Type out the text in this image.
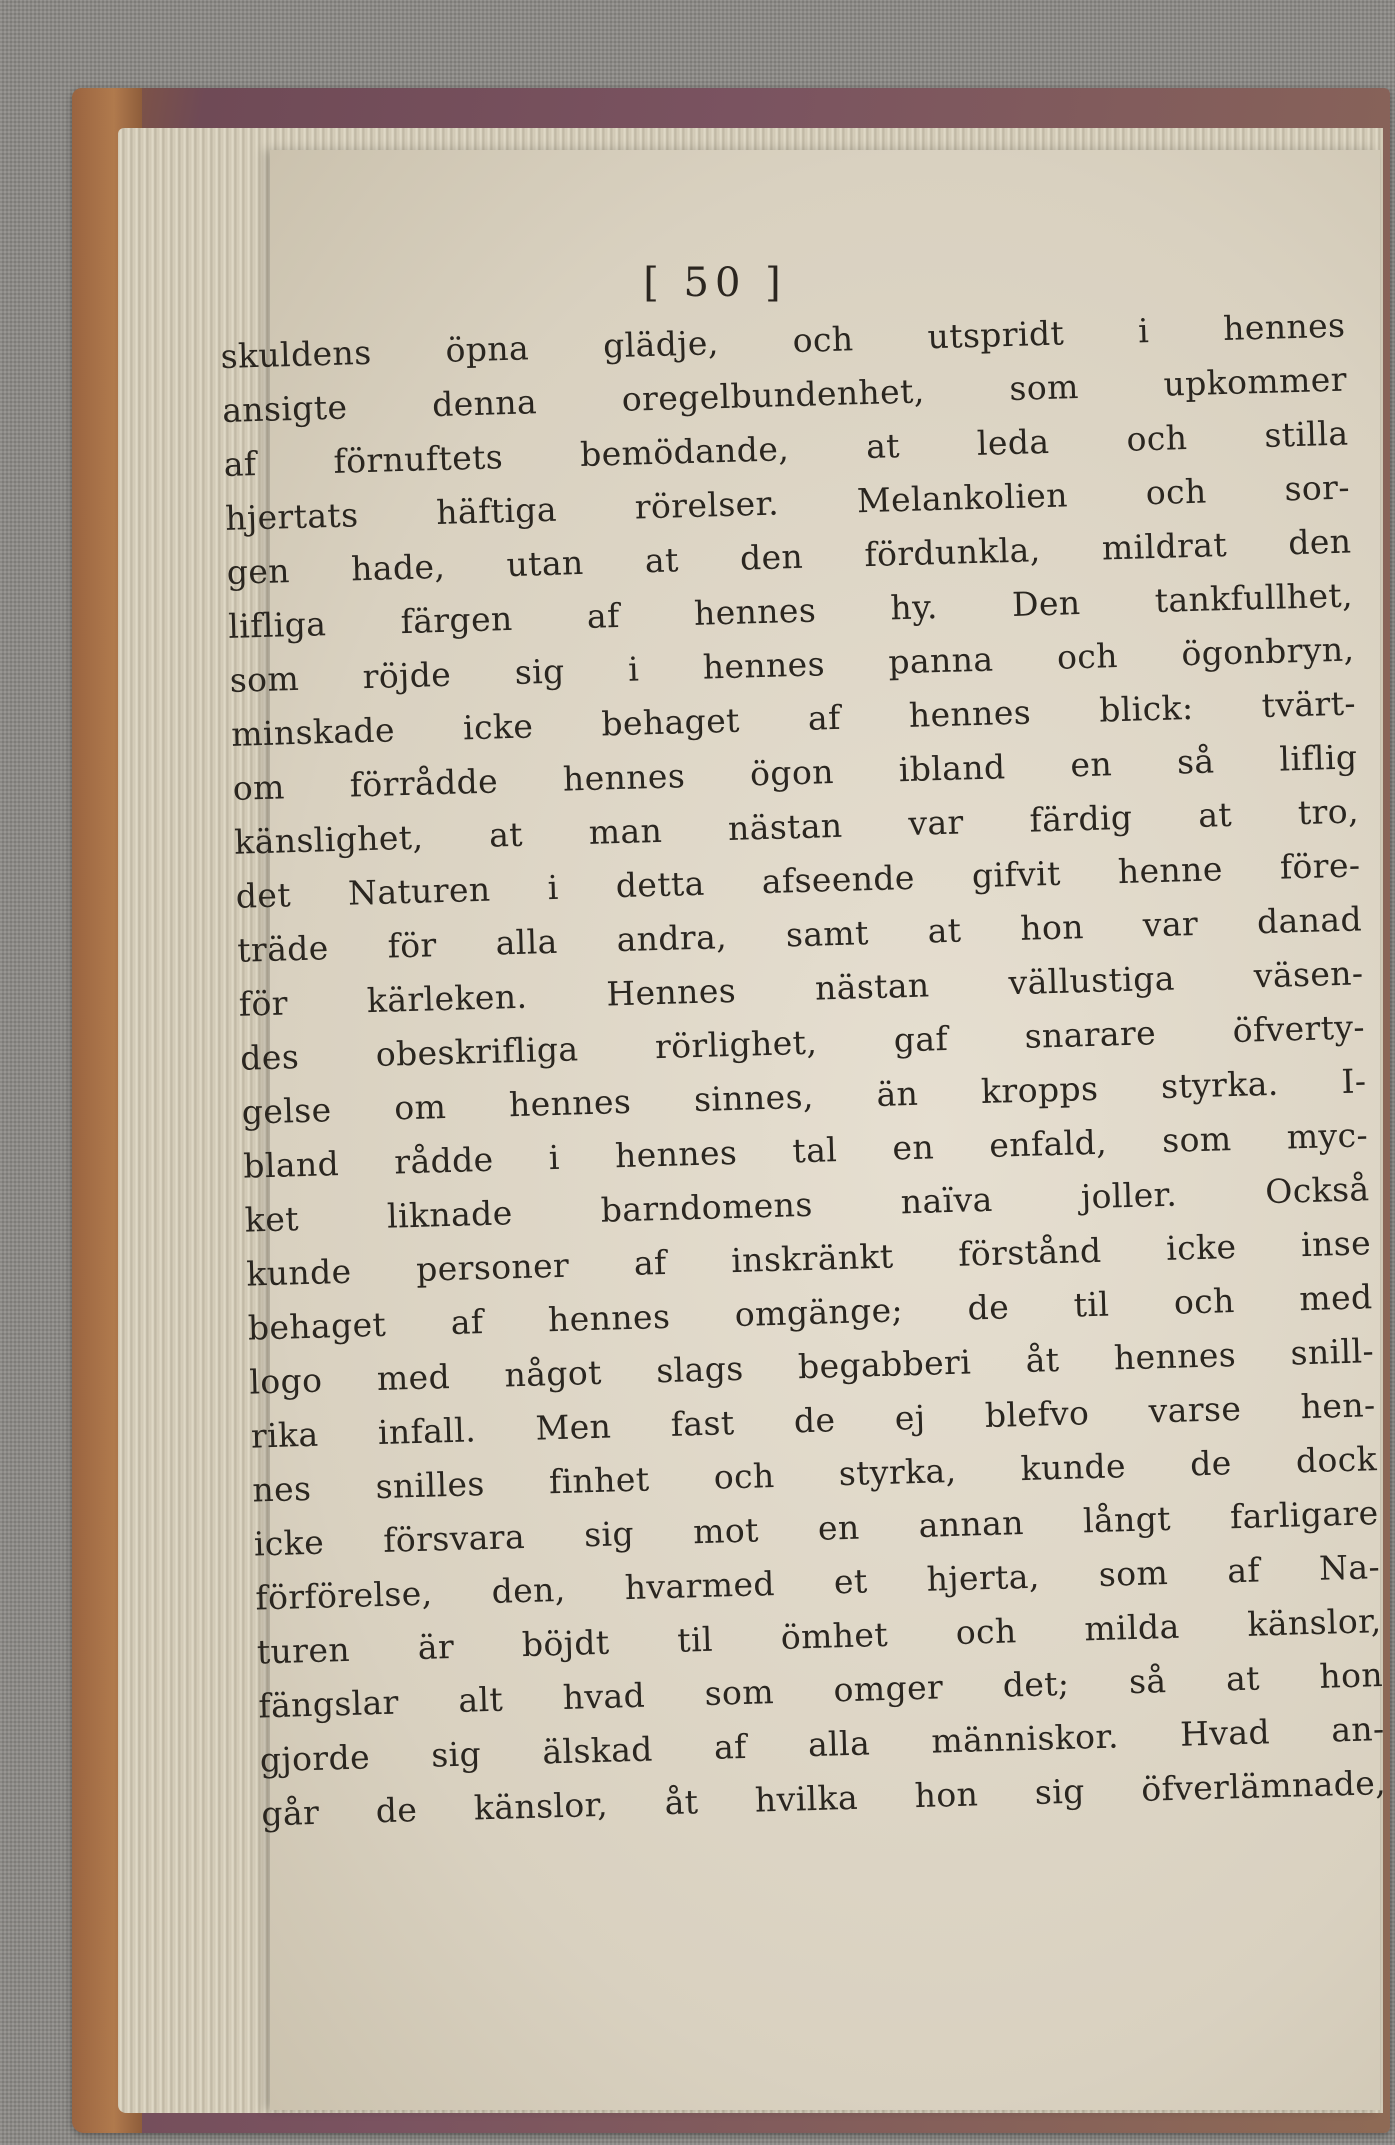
[ 50 ]
skuldens öpna glädje, och utspridt i hennes
ansigte denna oregelbundenhet, som upkommer
af förnuftets bemödande, at leda och stilla
hjertats häftiga rörelser. Melankolien och sor-
gen hade, utan at den fördunkla, mildrat den
lifliga färgen af hennes hy. Den tankfullhet,
som röjde sig i hennes panna och ögonbryn,
minskade icke behaget af hennes blick: tvärt-
om förrådde hennes ögon ibland en så liflig
känslighet, at man nästan var färdig at tro,
det Naturen i detta afseende gifvit henne före-
träde för alla andra, samt at hon var danad
för kärleken. Hennes nästan vällustiga väsen-
des obeskrifliga rörlighet, gaf snarare öfverty-
gelse om hennes sinnes, än kropps styrka. I-
bland rådde i hennes tal en enfald, som myc-
ket liknade barndomens naïva joller. Också
kunde personer af inskränkt förstånd icke inse
behaget af hennes omgänge; de til och med
logo med något slags begabberi åt hennes snill-
rika infall. Men fast de ej blefvo varse hen-
nes snilles finhet och styrka, kunde de dock
icke försvara sig mot en annan långt farligare
förförelse, den, hvarmed et hjerta, som af Na-
turen är böjdt til ömhet och milda känslor,
fängslar alt hvad som omger det; så at hon
gjorde sig älskad af alla människor. Hvad an-
går de känslor, åt hvilka hon sig öfverlämnade,
